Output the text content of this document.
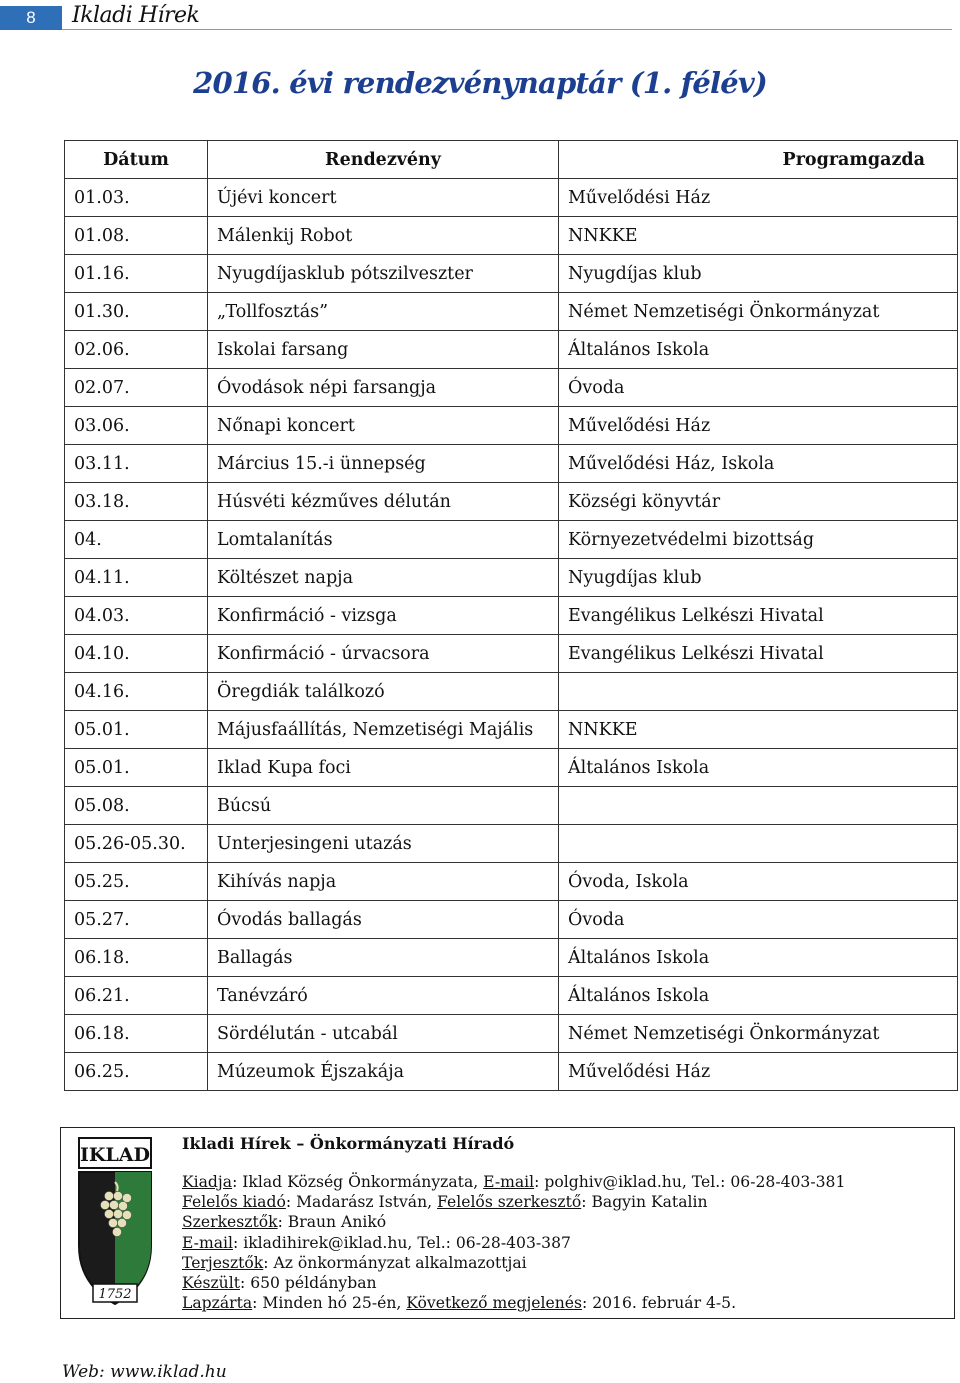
8	Ikladi Hírek
2016. évi rendezvénynaptár (1. félév)
Dátum	Rendezvény	Programgazda
01.03.	Újévi koncert	Művelődési Ház
01.08.	Málenkij Robot	NNKKE
01.16.	Nyugdíjasklub pótszilveszter	Nyugdíjas klub
01.30.	„Tollfosztás”	Német Nemzetiségi Önkormányzat
02.06.	Iskolai farsang	Általános Iskola
02.07.	Óvodások népi farsangja	Óvoda
03.06.	Nőnapi koncert	Művelődési Ház
03.11.	Március 15.-i ünnepség	Művelődési Ház, Iskola
03.18.	Húsvéti kézműves délután	Községi könyvtár
04.	Lomtalanítás	Környezetvédelmi bizottság
04.11.	Költészet napja	Nyugdíjas klub
04.03.	Konfirmáció - vizsga	Evangélikus Lelkészi Hivatal
04.10.	Konfirmáció - úrvacsora	Evangélikus Lelkészi Hivatal
04.16.	Öregdiák találkozó	
05.01.	Májusfaállítás, Nemzetiségi Majális	NNKKE
05.01.	Iklad Kupa foci	Általános Iskola
05.08.	Búcsú	
05.26-05.30.	Unterjesingeni utazás	
05.25.	Kihívás napja	Óvoda, Iskola
05.27.	Óvodás ballagás	Óvoda
06.18.	Ballagás	Általános Iskola
06.21.	Tanévzáró	Általános Iskola
06.18.	Sördélután - utcabál	Német Nemzetiségi Önkormányzat
06.25.	Múzeumok Éjszakája	Művelődési Ház
IKLAD
1752
Ikladi Hírek – Önkormányzati Híradó
Kiadja: Iklad Község Önkormányzata, E-mail: polghiv@iklad.hu, Tel.: 06-28-403-381
Felelős kiadó: Madarász István, Felelős szerkesztő: Bagyin Katalin
Szerkesztők: Braun Anikó
E-mail: ikladihirek@iklad.hu, Tel.: 06-28-403-387
Terjesztők: Az önkormányzat alkalmazottjai
Készült: 650 példányban
Lapzárta: Minden hó 25-én, Következő megjelenés: 2016. február 4-5.
Web: www.iklad.hu
